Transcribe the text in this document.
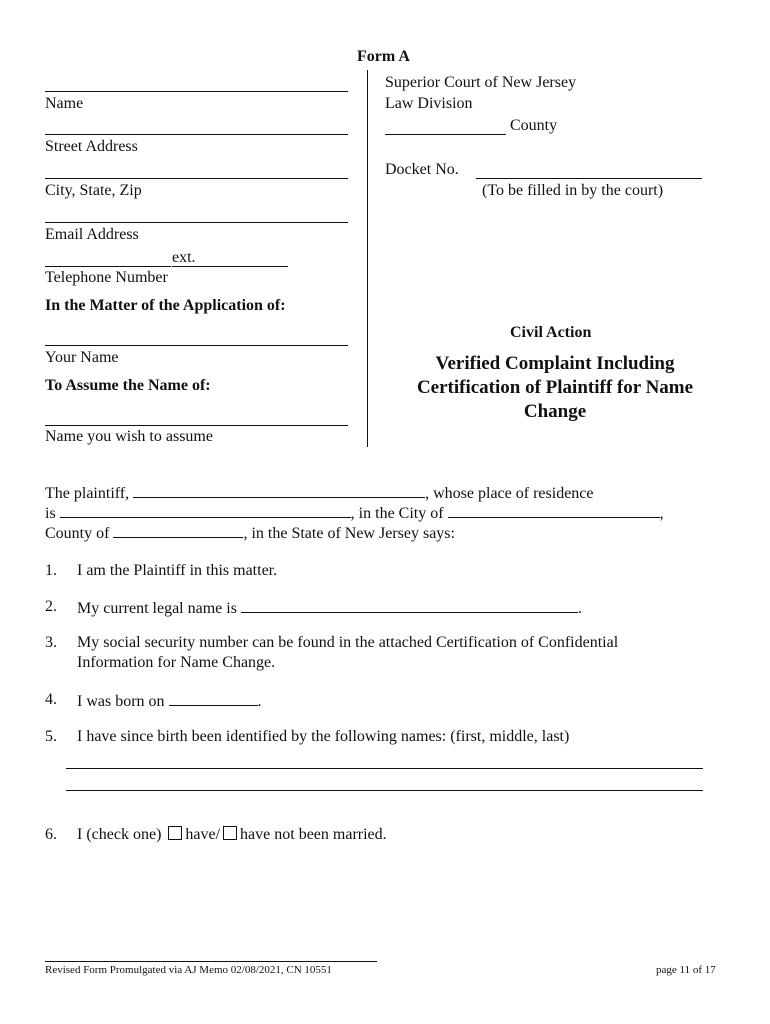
Form A
Name
Street Address
City, State, Zip
Email Address
ext.
Telephone Number
In the Matter of the Application of:
Your Name
To Assume the Name of:
Name you wish to assume
Superior Court of New Jersey
Law Division
County
Docket No.
(To be filled in by the court)
Civil Action
Verified Complaint Including Certification of Plaintiff for Name Change
The plaintiff,	, whose place of residence
is	, in the City of	,
County of	, in the State of New Jersey says:
1. I am the Plaintiff in this matter.
2. My current legal name is	.
3. My social security number can be found in the attached Certification of Confidential
Information for Name Change.
4. I was born on	.
5. I have since birth been identified by the following names: (first, middle, last)
6. I (check one) have/ have not been married.
Revised Form Promulgated via AJ Memo 02/08/2021, CN 10551	page 11 of 17
